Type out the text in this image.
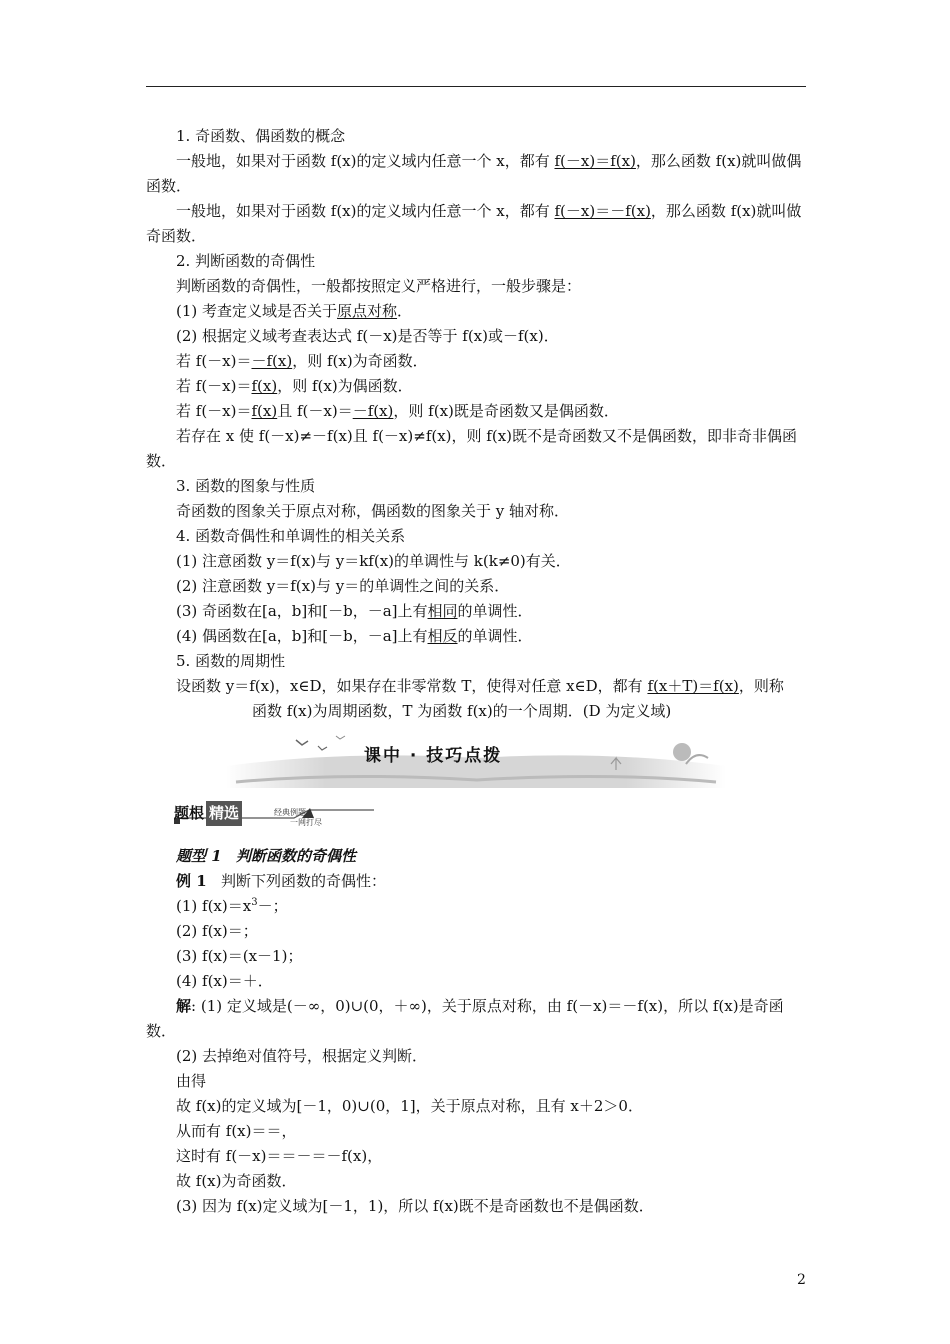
1. 奇函数、偶函数的概念

一般地，如果对于函数 f(x)的定义域内任意一个 x，都有 f(－x)＝f(x)，那么函数 f(x)就叫做偶函数．

一般地，如果对于函数 f(x)的定义域内任意一个 x，都有 f(－x)＝－f(x)，那么函数 f(x)就叫做奇函数．

2. 判断函数的奇偶性

判断函数的奇偶性，一般都按照定义严格进行，一般步骤是：

(1) 考查定义域是否关于原点对称．

(2) 根据定义域考查表达式 f(－x)是否等于 f(x)或－f(x)．

若 f(－x)＝－f(x)，则 f(x)为奇函数．

若 f(－x)＝f(x)，则 f(x)为偶函数．

若 f(－x)＝f(x)且 f(－x)＝－f(x)，则 f(x)既是奇函数又是偶函数．

若存在 x 使 f(－x)≠－f(x)且 f(－x)≠f(x)，则 f(x)既不是奇函数又不是偶函数，即非奇非偶函数．

3. 函数的图象与性质

奇函数的图象关于原点对称，偶函数的图象关于 y 轴对称．

4. 函数奇偶性和单调性的相关关系

(1) 注意函数 y＝f(x)与 y＝kf(x)的单调性与 k(k≠0)有关．

(2) 注意函数 y＝f(x)与 y＝的单调性之间的关系．

(3) 奇函数在[a，b]和[－b，－a]上有相同的单调性．

(4) 偶函数在[a，b]和[－b，－a]上有相反的单调性．

5. 函数的周期性

设函数 y＝f(x)，x∈D，如果存在非零常数 T，使得对任意 x∈D，都有 f(x＋T)＝f(x)，则称

函数 f(x)为周期函数，T 为函数 f(x)的一个周期．(D 为定义域)

课中 · 技巧点拨
题根 精选	经典例题
一网打尽

题型 1 判断函数的奇偶性

例 1 判断下列函数的奇偶性：

(1) $f(x)=x^3-$；

(2) f(x)＝；

(3) f(x)＝(x－1)；

(4) f(x)＝＋．

解: (1) 定义域是(－∞，0)∪(0，＋∞)，关于原点对称，由 f(－x)＝－f(x)，所以 f(x)是奇函数．

(2) 去掉绝对值符号，根据定义判断．

由得

故 f(x)的定义域为[－1，0)∪(0，1]，关于原点对称，且有 x＋2＞0．

从而有 f(x)＝＝，

这时有 f(－x)＝＝－＝－f(x)，

故 f(x)为奇函数．

(3) 因为 f(x)定义域为[－1，1)，所以 f(x)既不是奇函数也不是偶函数．

2
